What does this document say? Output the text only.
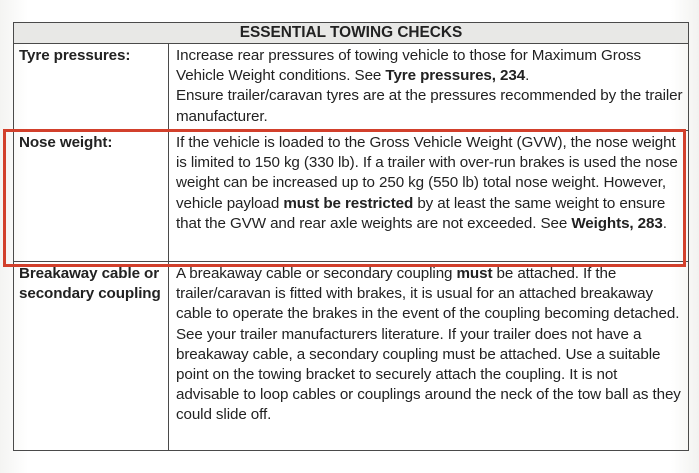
ESSENTIAL TOWING CHECKS	
Tyre pressures:	Increase rear pressures of towing vehicle to those for Maximum Gross Vehicle Weight conditions. See Tyre pressures, 234.
Ensure trailer/caravan tyres are at the pressures recommended by the trailer manufacturer.

Nose weight:	If the vehicle is loaded to the Gross Vehicle Weight (GVW), the nose weight is limited to 150 kg (330 lb). If a trailer with over-run brakes is used the nose weight can be increased up to 250 kg (550 lb) total nose weight. However, vehicle payload must be restricted by at least the same weight to ensure that the GVW and rear axle weights are not exceeded. See Weights, 283.

Breakaway cable or
secondary coupling	A breakaway cable or secondary coupling must be attached. If the trailer/caravan is fitted with brakes, it is usual for an attached breakaway cable to operate the brakes in the event of the coupling becoming detached.
See your trailer manufacturers literature. If your trailer does not have a breakaway cable, a secondary coupling must be attached. Use a suitable point on the towing bracket to securely attach the coupling. It is not advisable to loop cables or couplings around the neck of the tow ball as they could slide off.
